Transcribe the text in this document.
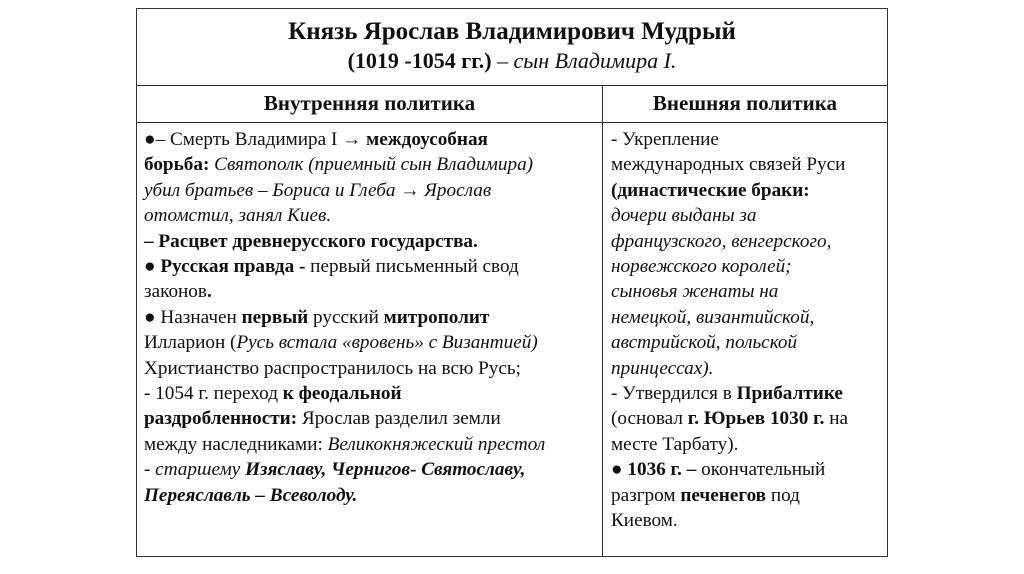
Князь Ярослав Владимирович Мудрый
(1019 -1054 гг.) – сын Владимира I.
Внутренняя политика	Внешняя политика
●– Смерть Владимира I → междоусобная
борьба: Святополк (приемный сын Владимира)
убил братьев – Бориса и Глеба → Ярослав
отомстил, занял Киев.
– Расцвет древнерусского государства.
● Русская правда - первый письменный свод
законов.
● Назначен первый русский митрополит
Илларион (Русь встала «вровень» с Византией)
Христианство распространилось на всю Русь;
- 1054 г. переход к феодальной
раздробленности: Ярослав разделил земли
между наследниками: Великокняжеский престол
- старшему Изяславу, Чернигов- Святославу,
Переяславль – Всеволоду.
- Укрепление
международных связей Руси
(династические браки:
дочери выданы за
французского, венгерского,
норвежского королей;
сыновья женаты на
немецкой, византийской,
австрийской, польской
принцессах).
- Утвердился в Прибалтике
(основал г. Юрьев 1030 г. на
месте Тарбату).
● 1036 г. – окончательный
разгром печенегов под
Киевом.
